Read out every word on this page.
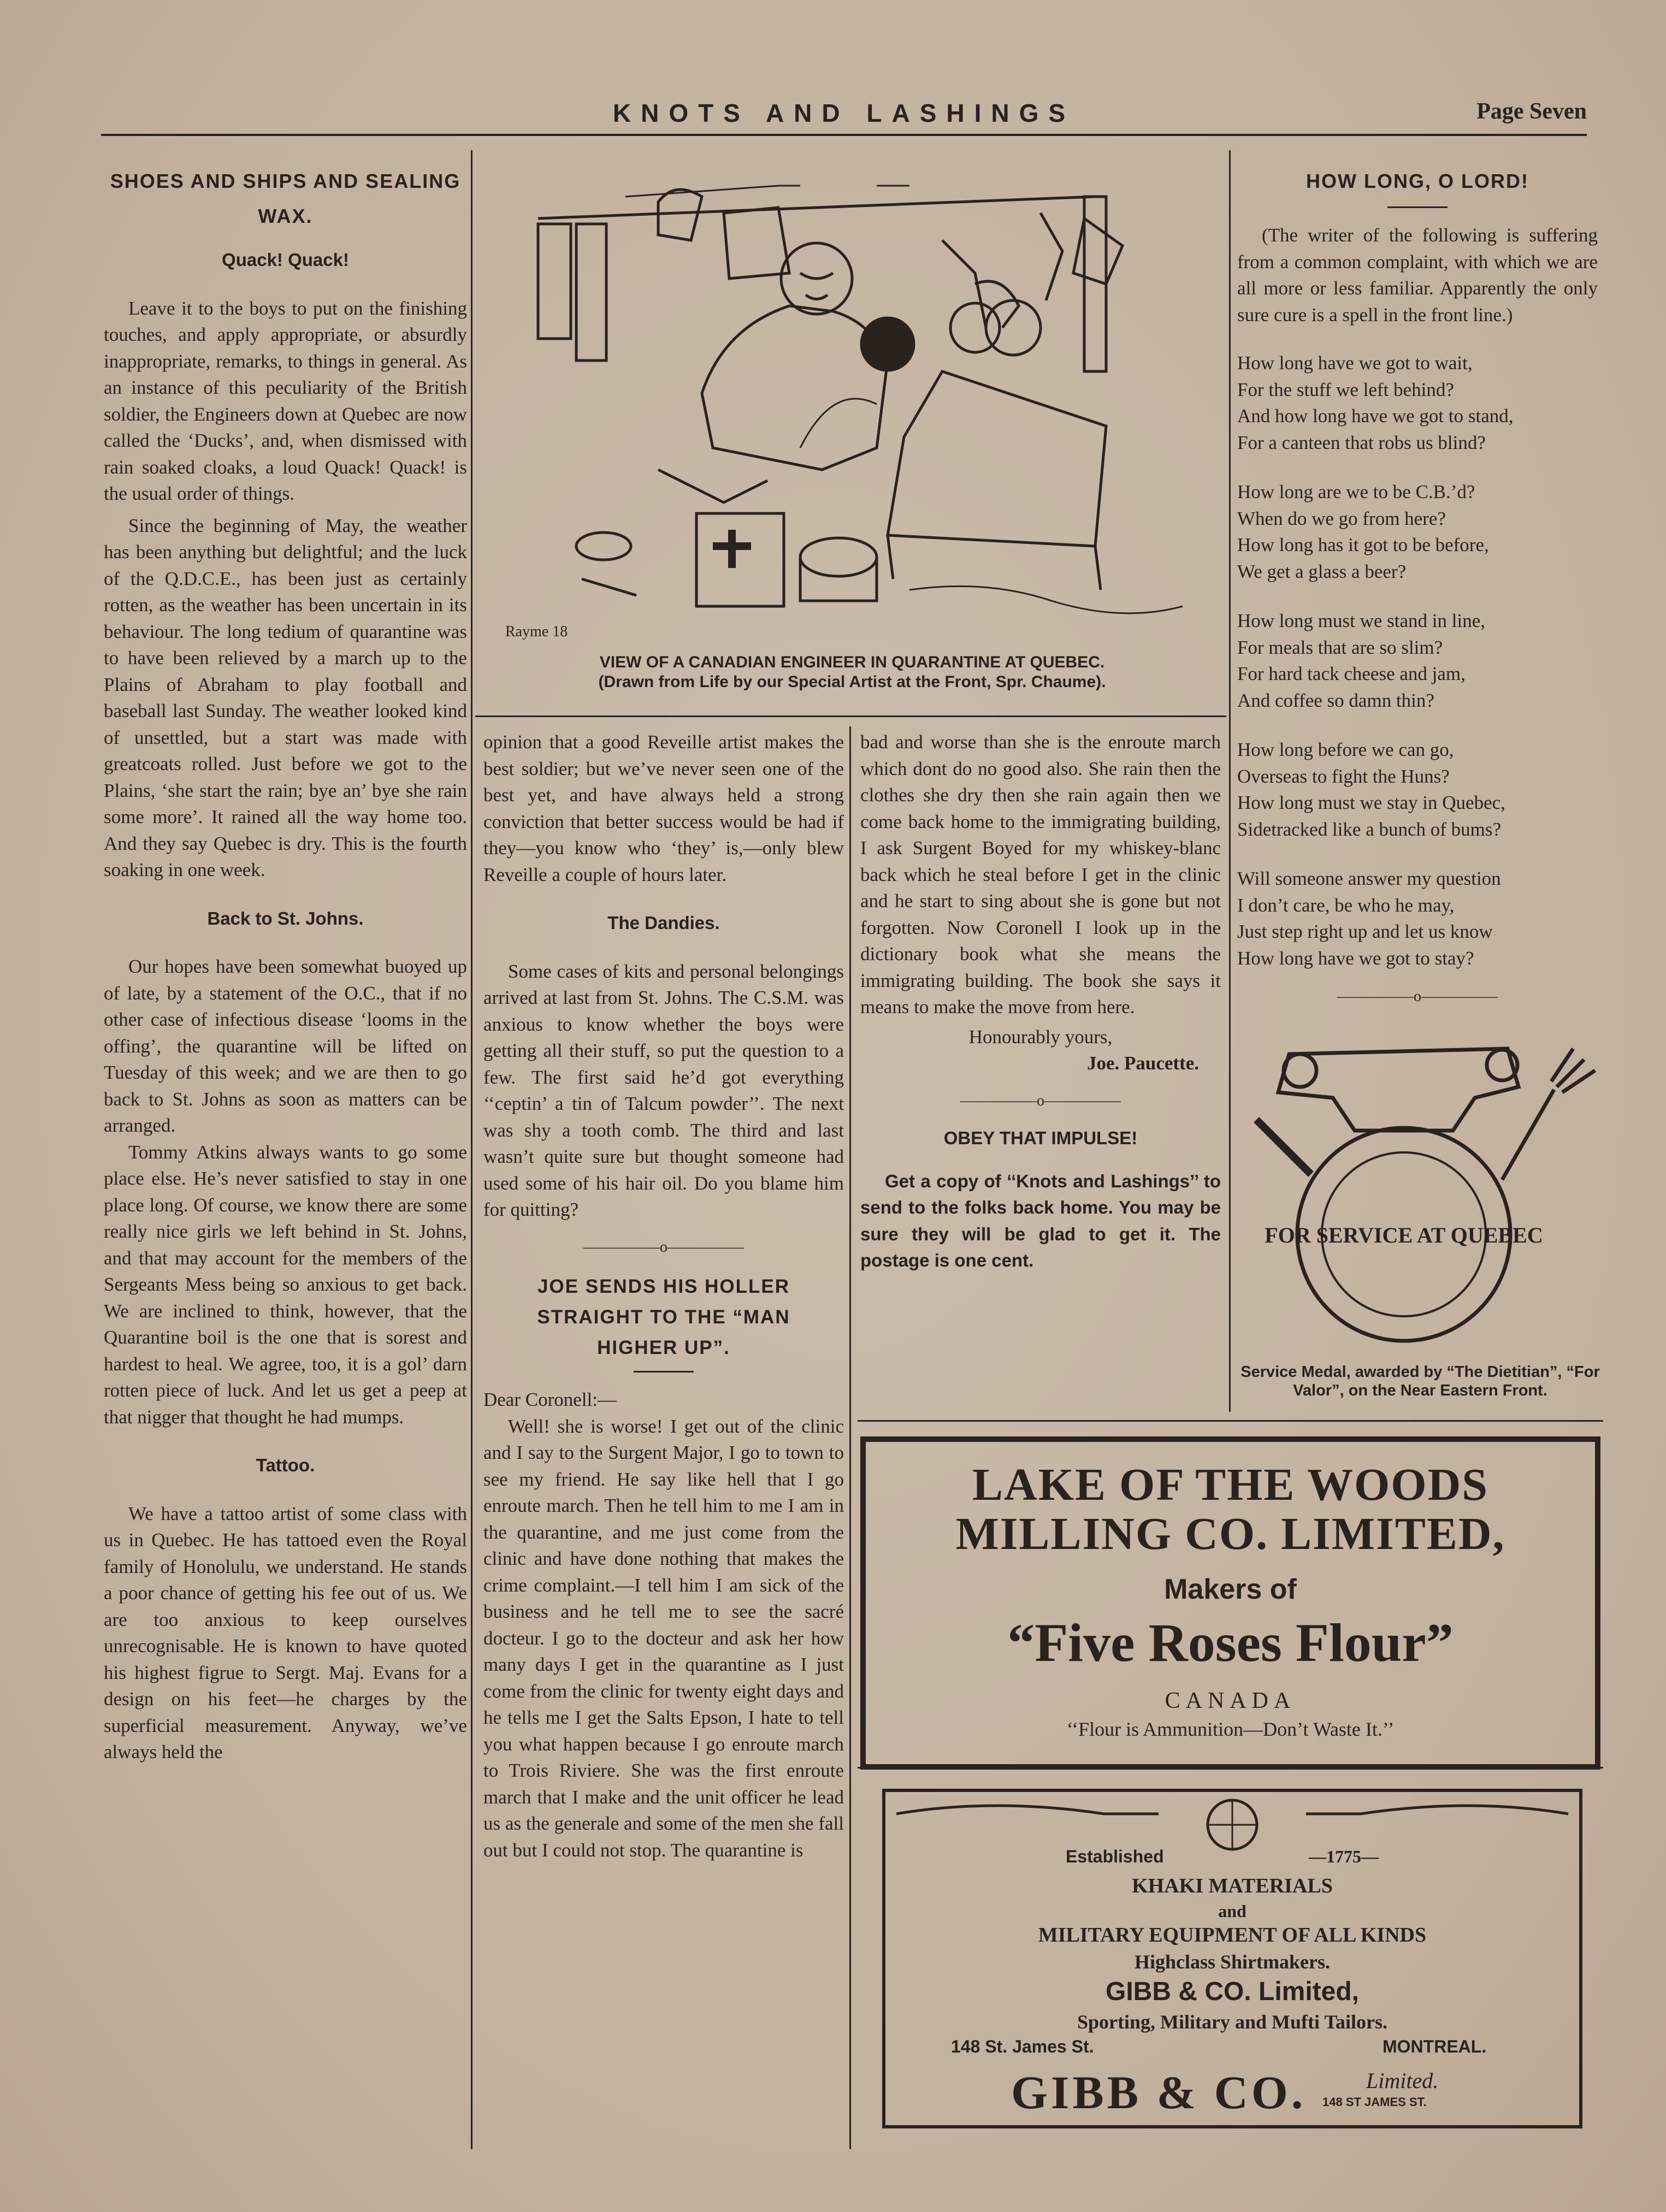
KNOTS AND LASHINGS	Page Seven
SHOES AND SHIPS AND SEALING WAX.
Quack! Quack!

Leave it to the boys to put on the finishing touches, and apply appropriate, or absurdly inappropriate, remarks, to things in general. As an instance of this peculiarity of the British soldier, the Engineers down at Quebec are now called the ‘Ducks’, and, when dismissed with rain soaked cloaks, a loud Quack! Quack! is the usual order of things.

Since the beginning of May, the weather has been anything but delightful; and the luck of the Q.D.C.E., has been just as certainly rotten, as the weather has been uncertain in its behaviour. The long tedium of quarantine was to have been relieved by a march up to the Plains of Abraham to play football and baseball last Sunday. The weather looked kind of unsettled, but a start was made with greatcoats rolled. Just before we got to the Plains, ‘she start the rain; bye an’ bye she rain some more’. It rained all the way home too. And they say Quebec is dry. This is the fourth soaking in one week.

Back to St. Johns.

Our hopes have been somewhat buoyed up of late, by a statement of the O.C., that if no other case of infectious disease ‘looms in the offing’, the quarantine will be lifted on Tuesday of this week; and we are then to go back to St. Johns as soon as matters can be arranged.

Tommy Atkins always wants to go some place else. He’s never satisfied to stay in one place long. Of course, we know there are some really nice girls we left behind in St. Johns, and that may account for the members of the Sergeants Mess being so anxious to get back. We are inclined to think, however, that the Quarantine boil is the one that is sorest and hardest to heal. We agree, too, it is a gol’ darn rotten piece of luck. And let us get a peep at that nigger that thought he had mumps.

Tattoo.

We have a tattoo artist of some class with us in Quebec. He has tattoed even the Royal family of Honolulu, we understand. He stands a poor chance of getting his fee out of us. We are too anxious to keep ourselves unrecognisable. He is known to have quoted his highest figrue to Sergt. Maj. Evans for a design on his feet—he charges by the superficial measurement. Anyway, we’ve always held the

Rayme 18
VIEW OF A CANADIAN ENGINEER IN QUARANTINE AT QUEBEC.
(Drawn from Life by our Special Artist at the Front, Spr. Chaume).

opinion that a good Reveille artist makes the best soldier; but we’ve never seen one of the best yet, and have always held a strong conviction that better success would be had if they—you know who ‘they’ is,—only blew Reveille a couple of hours later.

The Dandies.

Some cases of kits and personal belongings arrived at last from St. Johns. The C.S.M. was anxious to know whether the boys were getting all their stuff, so put the question to a few. The first said he’d got everything ‘‘ceptin’ a tin of Talcum powder’’. The next was shy a tooth comb. The third and last wasn’t quite sure but thought someone had used some of his hair oil. Do you blame him for quitting?

—————o—————
JOE SENDS HIS HOLLER STRAIGHT TO THE “MAN HIGHER UP”.

Dear Coronell:—

Well! she is worse! I get out of the clinic and I say to the Surgent Major, I go to town to see my friend. He say like hell that I go enroute march. Then he tell him to me I am in the quarantine, and me just come from the clinic and have done nothing that makes the crime complaint.—I tell him I am sick of the business and he tell me to see the sacré docteur. I go to the docteur and ask her how many days I get in the quarantine as I just come from the clinic for twenty eight days and he tells me I get the Salts Epson, I hate to tell you what happen because I go enroute march to Trois Riviere. She was the first enroute march that I make and the unit officer he lead us as the generale and some of the men she fall out but I could not stop. The quarantine is

bad and worse than she is the enroute march which dont do no good also. She rain then the clothes she dry then she rain again then we come back home to the immigrating building, I ask Surgent Boyed for my whiskey-blanc back which he steal before I get in the clinic and he start to sing about she is gone but not forgotten. Now Coronell I look up in the dictionary book what she means the immigrating building. The book she says it means to make the move from here.

Honourably yours,
Joe. Paucette.
—————o—————
OBEY THAT IMPULSE!

Get a copy of ‘‘Knots and Lashings’’ to send to the folks back home. You may be sure they will be glad to get it. The postage is one cent.

HOW LONG, O LORD!

(The writer of the following is suffering from a common complaint, with which we are all more or less familiar. Apparently the only sure cure is a spell in the front line.)

How long have we got to wait,

For the stuff we left behind?

And how long have we got to stand,

For a canteen that robs us blind?

How long are we to be C.B.’d?

When do we go from here?

How long has it got to be before,

We get a glass a beer?

How long must we stand in line,

For meals that are so slim?

For hard tack cheese and jam,

And coffee so damn thin?

How long before we can go,

Overseas to fight the Huns?

How long must we stay in Quebec,

Sidetracked like a bunch of bums?

Will someone answer my question

I don’t care, be who he may,

Just step right up and let us know

How long have we got to stay?

—————o—————
FOR SERVICE AT QUEBEC
Service Medal, awarded by “The Dietitian”, “For Valor”, on the Near Eastern Front.
LAKE OF THE WOODS
MILLING CO. LIMITED,
Makers of
“Five Roses Flour”
CANADA
‘‘Flour is Ammunition—Don’t Waste It.’’
Established	—1775—
KHAKI MATERIALS
and
MILITARY EQUIPMENT OF ALL KINDS
Highclass Shirtmakers.
GIBB & CO. Limited,
Sporting, Military and Mufti Tailors.
148 St. James St.	MONTREAL.
GIBB & CO.	Limited.
148 ST JAMES ST.
